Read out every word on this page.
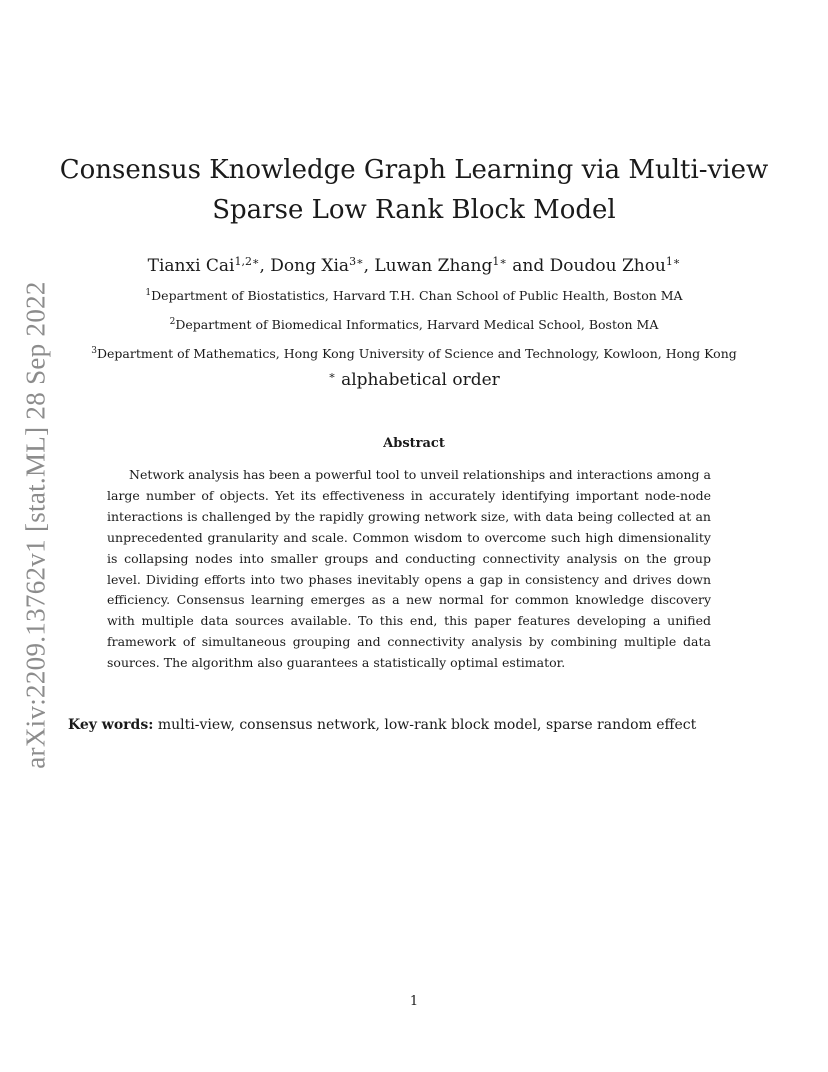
arXiv:2209.13762v1 [stat.ML] 28 Sep 2022
Consensus Knowledge Graph Learning via Multi-view
Sparse Low Rank Block Model
Tianxi Cai$^{1,2∗}$, Dong Xia$^{3∗}$, Luwan Zhang$^{1∗}$ and Doudou Zhou$^{1∗}$
$^1$Department of Biostatistics, Harvard T.H. Chan School of Public Health, Boston MA
$^2$Department of Biomedical Informatics, Harvard Medical School, Boston MA
$^3$Department of Mathematics, Hong Kong University of Science and Technology, Kowloon, Hong Kong
∗ alphabetical order
Abstract
Network analysis has been a powerful tool to unveil relationships and interactions among a large number of objects. Yet its effectiveness in accurately identifying important node-node interactions is challenged by the rapidly growing network size, with data being collected at an unprecedented granularity and scale. Common wisdom to overcome such high dimensionality is collapsing nodes into smaller groups and conducting connectivity analysis on the group level. Dividing efforts into two phases inevitably opens a gap in consistency and drives down efficiency. Consensus learning emerges as a new normal for common knowledge discovery with multiple data sources available. To this end, this paper features developing a unified framework of simultaneous grouping and connectivity analysis by combining multiple data sources. The algorithm also guarantees a statistically optimal estimator.
Key words: multi-view, consensus network, low-rank block model, sparse random effect
1
